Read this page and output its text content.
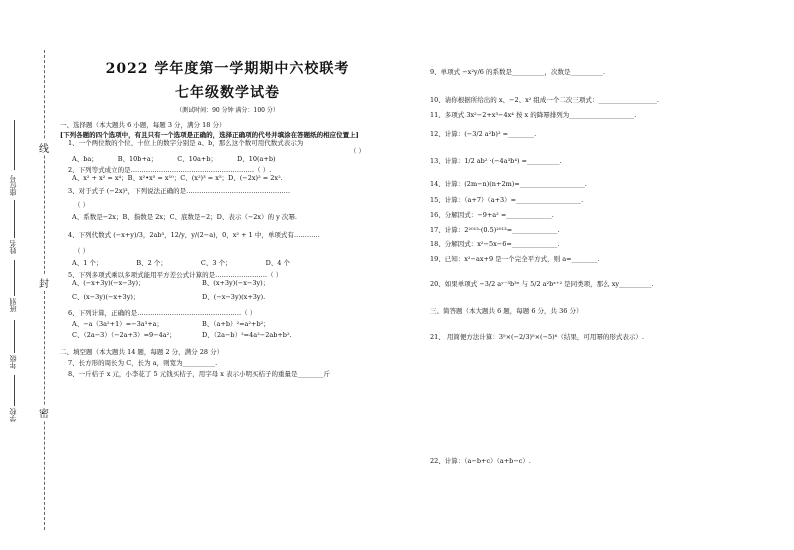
线
封
密
座位号
姓名
班别
年级
学校
2022 学年度第一学期期中六校联考
七年级数学试卷
（测试时间：90 分钟 满分：100 分）
一、选择题（本大题共 6 小题，每题 3 分，满分 18 分）
[下列各题的四个选项中，有且只有一个选项是正确的，选择正确项的代号并填涂在答题纸的相应位置上]
1、一个两位数的个位、十位上的数字分别是 a、b，那么这个数可用代数式表示为
（ ）
A、ba；	B、10b+a；	C、10a+b；	D、10(a+b)
2、下列等式成立的是…………………………………………………（ ）.
A、x² + x² = x⁴；B、x²•x⁵ = x¹⁰；C、(x²)³ = x⁵；D、(−2x)² = 2x².
3、对于式子 (−2x)³，下列说法正确的是…………………………………………
（ ）
A、系数是−2x；B、指数是 2x；C、底数是−2；D、表示（−2x）的 y 次幂.
4、下列代数式 (−x+y)/3，2ab³，12/y，y/(2−a)，0，x² + 1 中，单项式有…………
（ ）
A、1 个；	B、2 个；	C、3 个；	D、4 个
5、下列多项式乘以多项式能用平方差公式计算的是……………………（ ）
A、(−x+3y)(−x−3y)；	B、(x+3y)(−x−3y)；
C、(x−3y)(−x+3y)；	D、(−x−3y)(x+3y).
6、下列计算，正确的是…………………………………………（ ）
A、−a（3a²+1）=−3a³+a；	B、（a+b）²=a²+b²；
C、（2a−3）（−2a+3）=9−4a²；	D、（2a−b）²=4a²−2ab+b².
二、填空题（本大题共 14 题，每题 2 分，满分 28 分）
7、长方形的周长为 C，长为 a，则宽为__________.
8、一斤桔子 x 元，小李花了 5 元钱买桔子，用字母 x 表示小明买桔子的重量是________斤
9、单项式 −x²y/6 的系数是__________，次数是__________.
10、请你根据所给出的 x、−2、x² 组成一个二次三项式：__________________.
11、多项式 3x²−2+x³−4x⁴ 按 x 的降幂排列为____________________.
12、计算：(−3/2 a²b)² =________.
13、计算：1/2 ab² ·(−4a³b⁴) =__________.
14、计算：(2m−n)(n+2m)=____________________.
15、计算：（a+7）（a+3）=____________________.
16、分解因式：−9+a² =______________.
17、计算：2²⁰¹³·(0.5)²⁰¹³=______________.
18、分解因式：x²−5x−6=______________.
19、已知：x²−ax+9 是一个完全平方式，则 a=________.
20、如果单项式 −3/2 aʸ⁻³b³ˣ 与 5/2 a²bˣ⁺² 是同类项，那么 xy__________.
三、简答题（本大题共 6 题，每题 6 分，共 36 分）
21、 用简便方法计算：3⁵×(−2/3)⁵×(−5)⁶（结果，可用幂的形式表示）.
22、计算：（a−b+c）（a+b−c）.
